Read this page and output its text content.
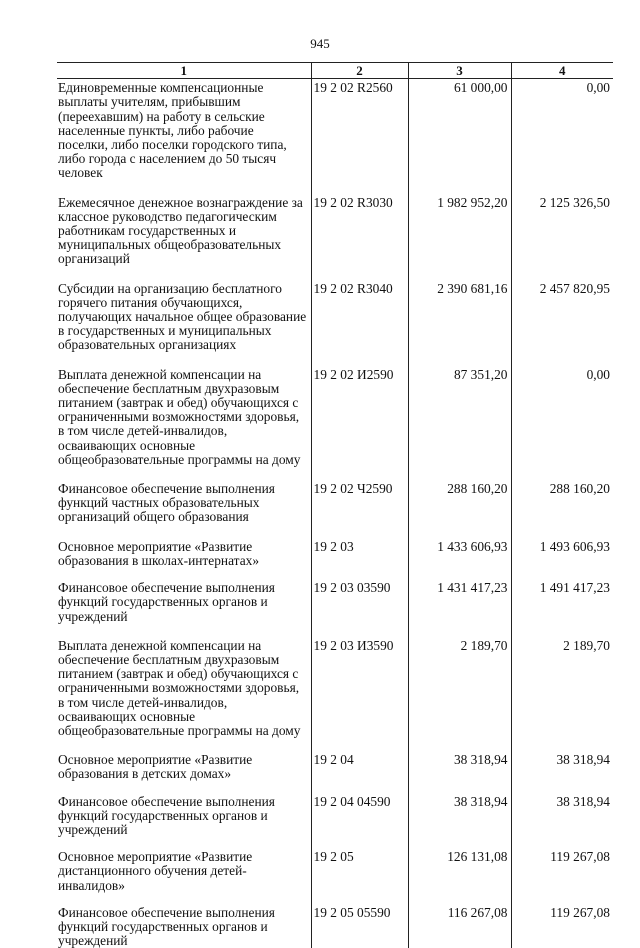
945
1	2	3	4
Единовременные компенсационные выплаты учителям, прибывшим (переехавшим) на работу в сельские населенные пункты, либо рабочие поселки, либо поселки городского типа, либо города с населением до 50 тысяч человек	19 2 02 R2560	61 000,00	0,00

Ежемесячное денежное вознаграждение за классное руководство педагогическим работникам государственных и муниципальных общеобразовательных организаций	19 2 02 R3030	1 982 952,20	2 125 326,50

Субсидии на организацию бесплатного горячего питания обучающихся, получающих начальное общее образование в государственных и муниципальных образовательных организациях	19 2 02 R3040	2 390 681,16	2 457 820,95

Выплата денежной компенсации на обеспечение бесплатным двухразовым питанием (завтрак и обед) обучающихся с ограниченными возможностями здоровья, в том числе детей-инвалидов, осваивающих основные общеобразовательные программы на дому	19 2 02 И2590	87 351,20	0,00

Финансовое обеспечение выполнения функций частных образовательных организаций общего образования	19 2 02 Ч2590	288 160,20	288 160,20

Основное мероприятие «Развитие образования в школах-интернатах»	19 2 03	1 433 606,93	1 493 606,93

Финансовое обеспечение выполнения функций государственных органов и учреждений	19 2 03 03590	1 431 417,23	1 491 417,23

Выплата денежной компенсации на обеспечение бесплатным двухразовым питанием (завтрак и обед) обучающихся с ограниченными возможностями здоровья, в том числе детей-инвалидов, осваивающих основные общеобразовательные программы на дому	19 2 03 И3590	2 189,70	2 189,70

Основное мероприятие «Развитие образования в детских домах»	19 2 04	38 318,94	38 318,94

Финансовое обеспечение выполнения функций государственных органов и учреждений	19 2 04 04590	38 318,94	38 318,94

Основное мероприятие «Развитие дистанционного обучения детей-инвалидов»	19 2 05	126 131,08	119 267,08

Финансовое обеспечение выполнения функций государственных органов и учреждений	19 2 05 05590	116 267,08	119 267,08
